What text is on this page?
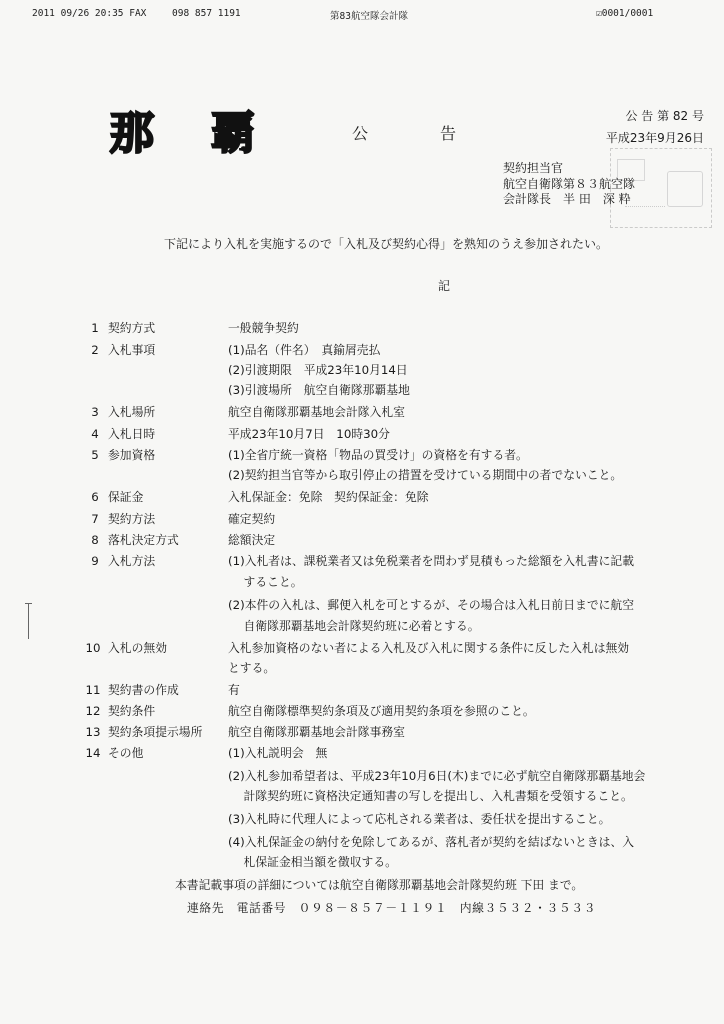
2011 09/26 20:35 FAX	098 857 1191	第83航空隊会計隊	☑0001/0001
那 覇	公　告
公 告 第 82 号
平成23年9月26日
契約担当官
航空自衛隊第８３航空隊
会計隊長　半 田　深 粋
下記により入札を実施するので「入札及び契約心得」を熟知のうえ参加されたい。
記
1 契約方式	一般競争契約
2 入札事項	(1)品名（件名）　真鍮屑売払
(2)引渡期限　平成23年10月14日
(3)引渡場所　航空自衛隊那覇基地
3 入札場所	航空自衛隊那覇基地会計隊入札室
4 入札日時	平成23年10月7日　10時30分
5 参加資格	(1)全省庁統一資格「物品の買受け」の資格を有する者。
(2)契約担当官等から取引停止の措置を受けている期間中の者でないこと。
6 保証金	入札保証金：免除　契約保証金：免除
7 契約方法	確定契約
8 落札決定方式	総額決定
9 入札方法	(1)入札者は、課税業者又は免税業者を問わず見積もった総額を入札書に記載
　 すること。
(2)本件の入札は、郵便入札を可とするが、その場合は入札日前日までに航空
　 自衛隊那覇基地会計隊契約班に必着とする。
10 入札の無効	入札参加資格のない者による入札及び入札に関する条件に反した入札は無効
とする。
11 契約書の作成	有
12 契約条件	航空自衛隊標準契約条項及び適用契約条項を参照のこと。
13 契約条項提示場所 航空自衛隊那覇基地会計隊事務室
14 その他	(1)入札説明会　無
(2)入札参加希望者は、平成23年10月6日(木)までに必ず航空自衛隊那覇基地会
　 計隊契約班に資格決定通知書の写しを提出し、入札書類を受領すること。
(3)入札時に代理人によって応札される業者は、委任状を提出すること。
(4)入札保証金の納付を免除してあるが、落札者が契約を結ばないときは、入
　 札保証金相当額を徴収する。
本書記載事項の詳細については航空自衛隊那覇基地会計隊契約班 下田 まで。
連絡先　電話番号　０９８－８５７－１１９１　内線３５３２・３５３３
